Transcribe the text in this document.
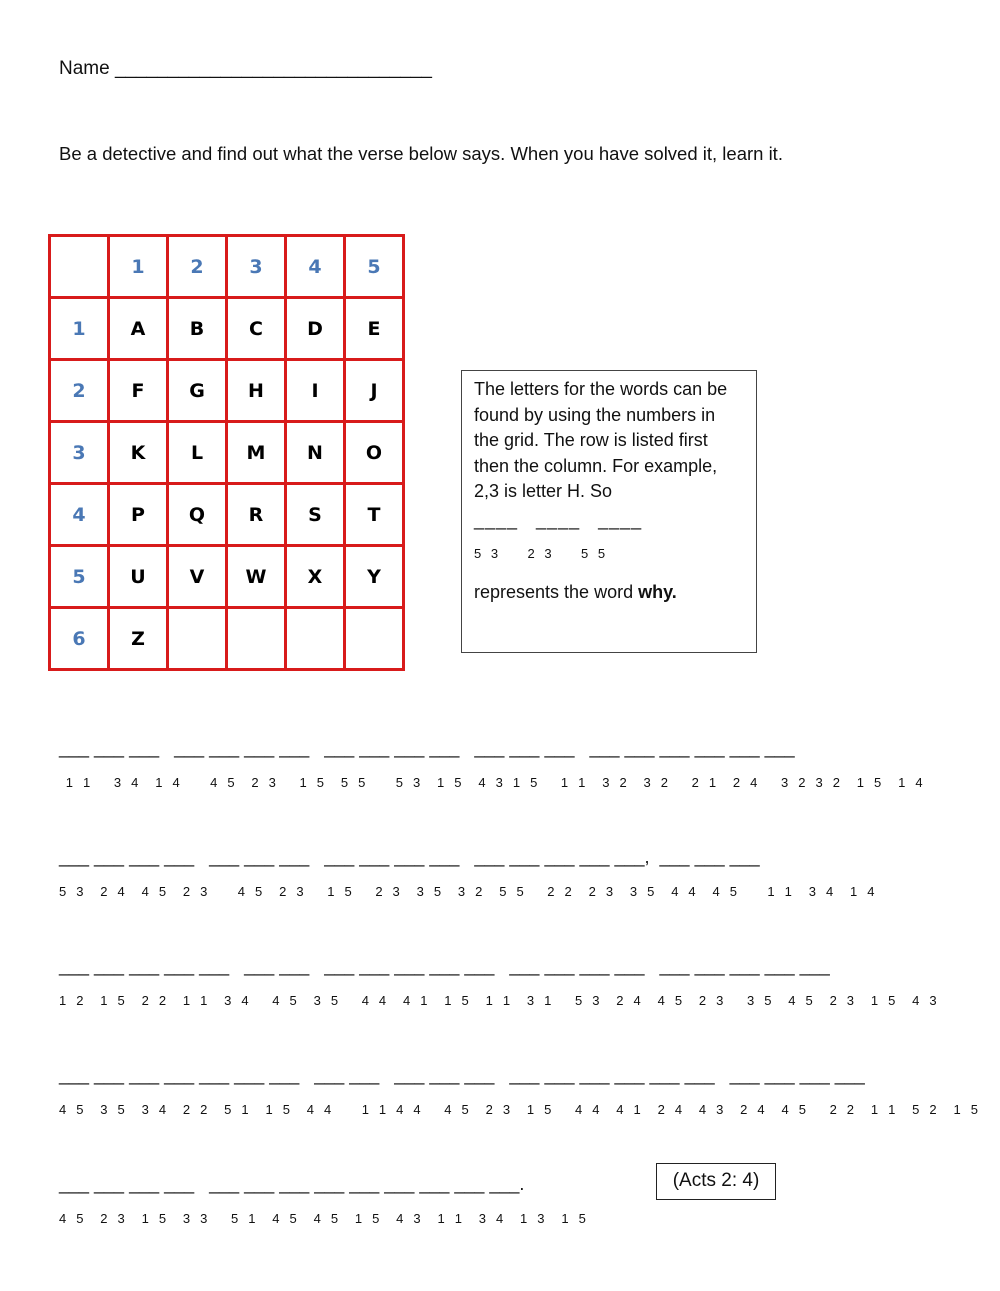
Name ______________________________
Be a detective and find out what the verse below says. When you have solved it, learn it.
	1	2	3	4	5
1	A	B	C	D	E
2	F	G	H	I	J
3	K	L	M	N	O
4	P	Q	R	S	T
5	U	V	W	X	Y
6	Z				
The letters for the words can be found by using the numbers in the grid. The row is listed first then the column. For example, 2,3 is letter H. So
____   ____   ____
5 3    2 3    5 5
represents the word why.
___ ___ ___   ___ ___ ___ ___   ___ ___ ___ ___   ___ ___ ___   ___ ___ ___ ___ ___ ___
1 1   3 4  1 4    4 5  2 3   1 5  5 5    5 3  1 5  4 3 1 5   1 1  3 2  3 2   2 1  2 4   3 2 3 2  1 5  1 4
___ ___ ___ ___   ___ ___ ___   ___ ___ ___ ___   ___ ___ ___ ___ ___,  ___ ___ ___
5 3  2 4  4 5  2 3    4 5  2 3   1 5   2 3  3 5  3 2  5 5   2 2  2 3  3 5  4 4  4 5    1 1  3 4  1 4
___ ___ ___ ___ ___   ___ ___   ___ ___ ___ ___ ___   ___ ___ ___ ___   ___ ___ ___ ___ ___
1 2  1 5  2 2  1 1  3 4   4 5  3 5   4 4  4 1  1 5  1 1  3 1   5 3  2 4  4 5  2 3   3 5  4 5  2 3  1 5  4 3
___ ___ ___ ___ ___ ___ ___   ___ ___   ___ ___ ___   ___ ___ ___ ___ ___ ___   ___ ___ ___ ___
4 5  3 5  3 4  2 2  5 1  1 5  4 4    1 1 4 4   4 5  2 3  1 5   4 4  4 1  2 4  4 3  2 4  4 5   2 2  1 1  5 2  1 5
___ ___ ___ ___   ___ ___ ___ ___ ___ ___ ___ ___ ___.
4 5  2 3  1 5  3 3   5 1  4 5  4 5  1 5  4 3  1 1  3 4  1 3  1 5
(Acts 2: 4)
